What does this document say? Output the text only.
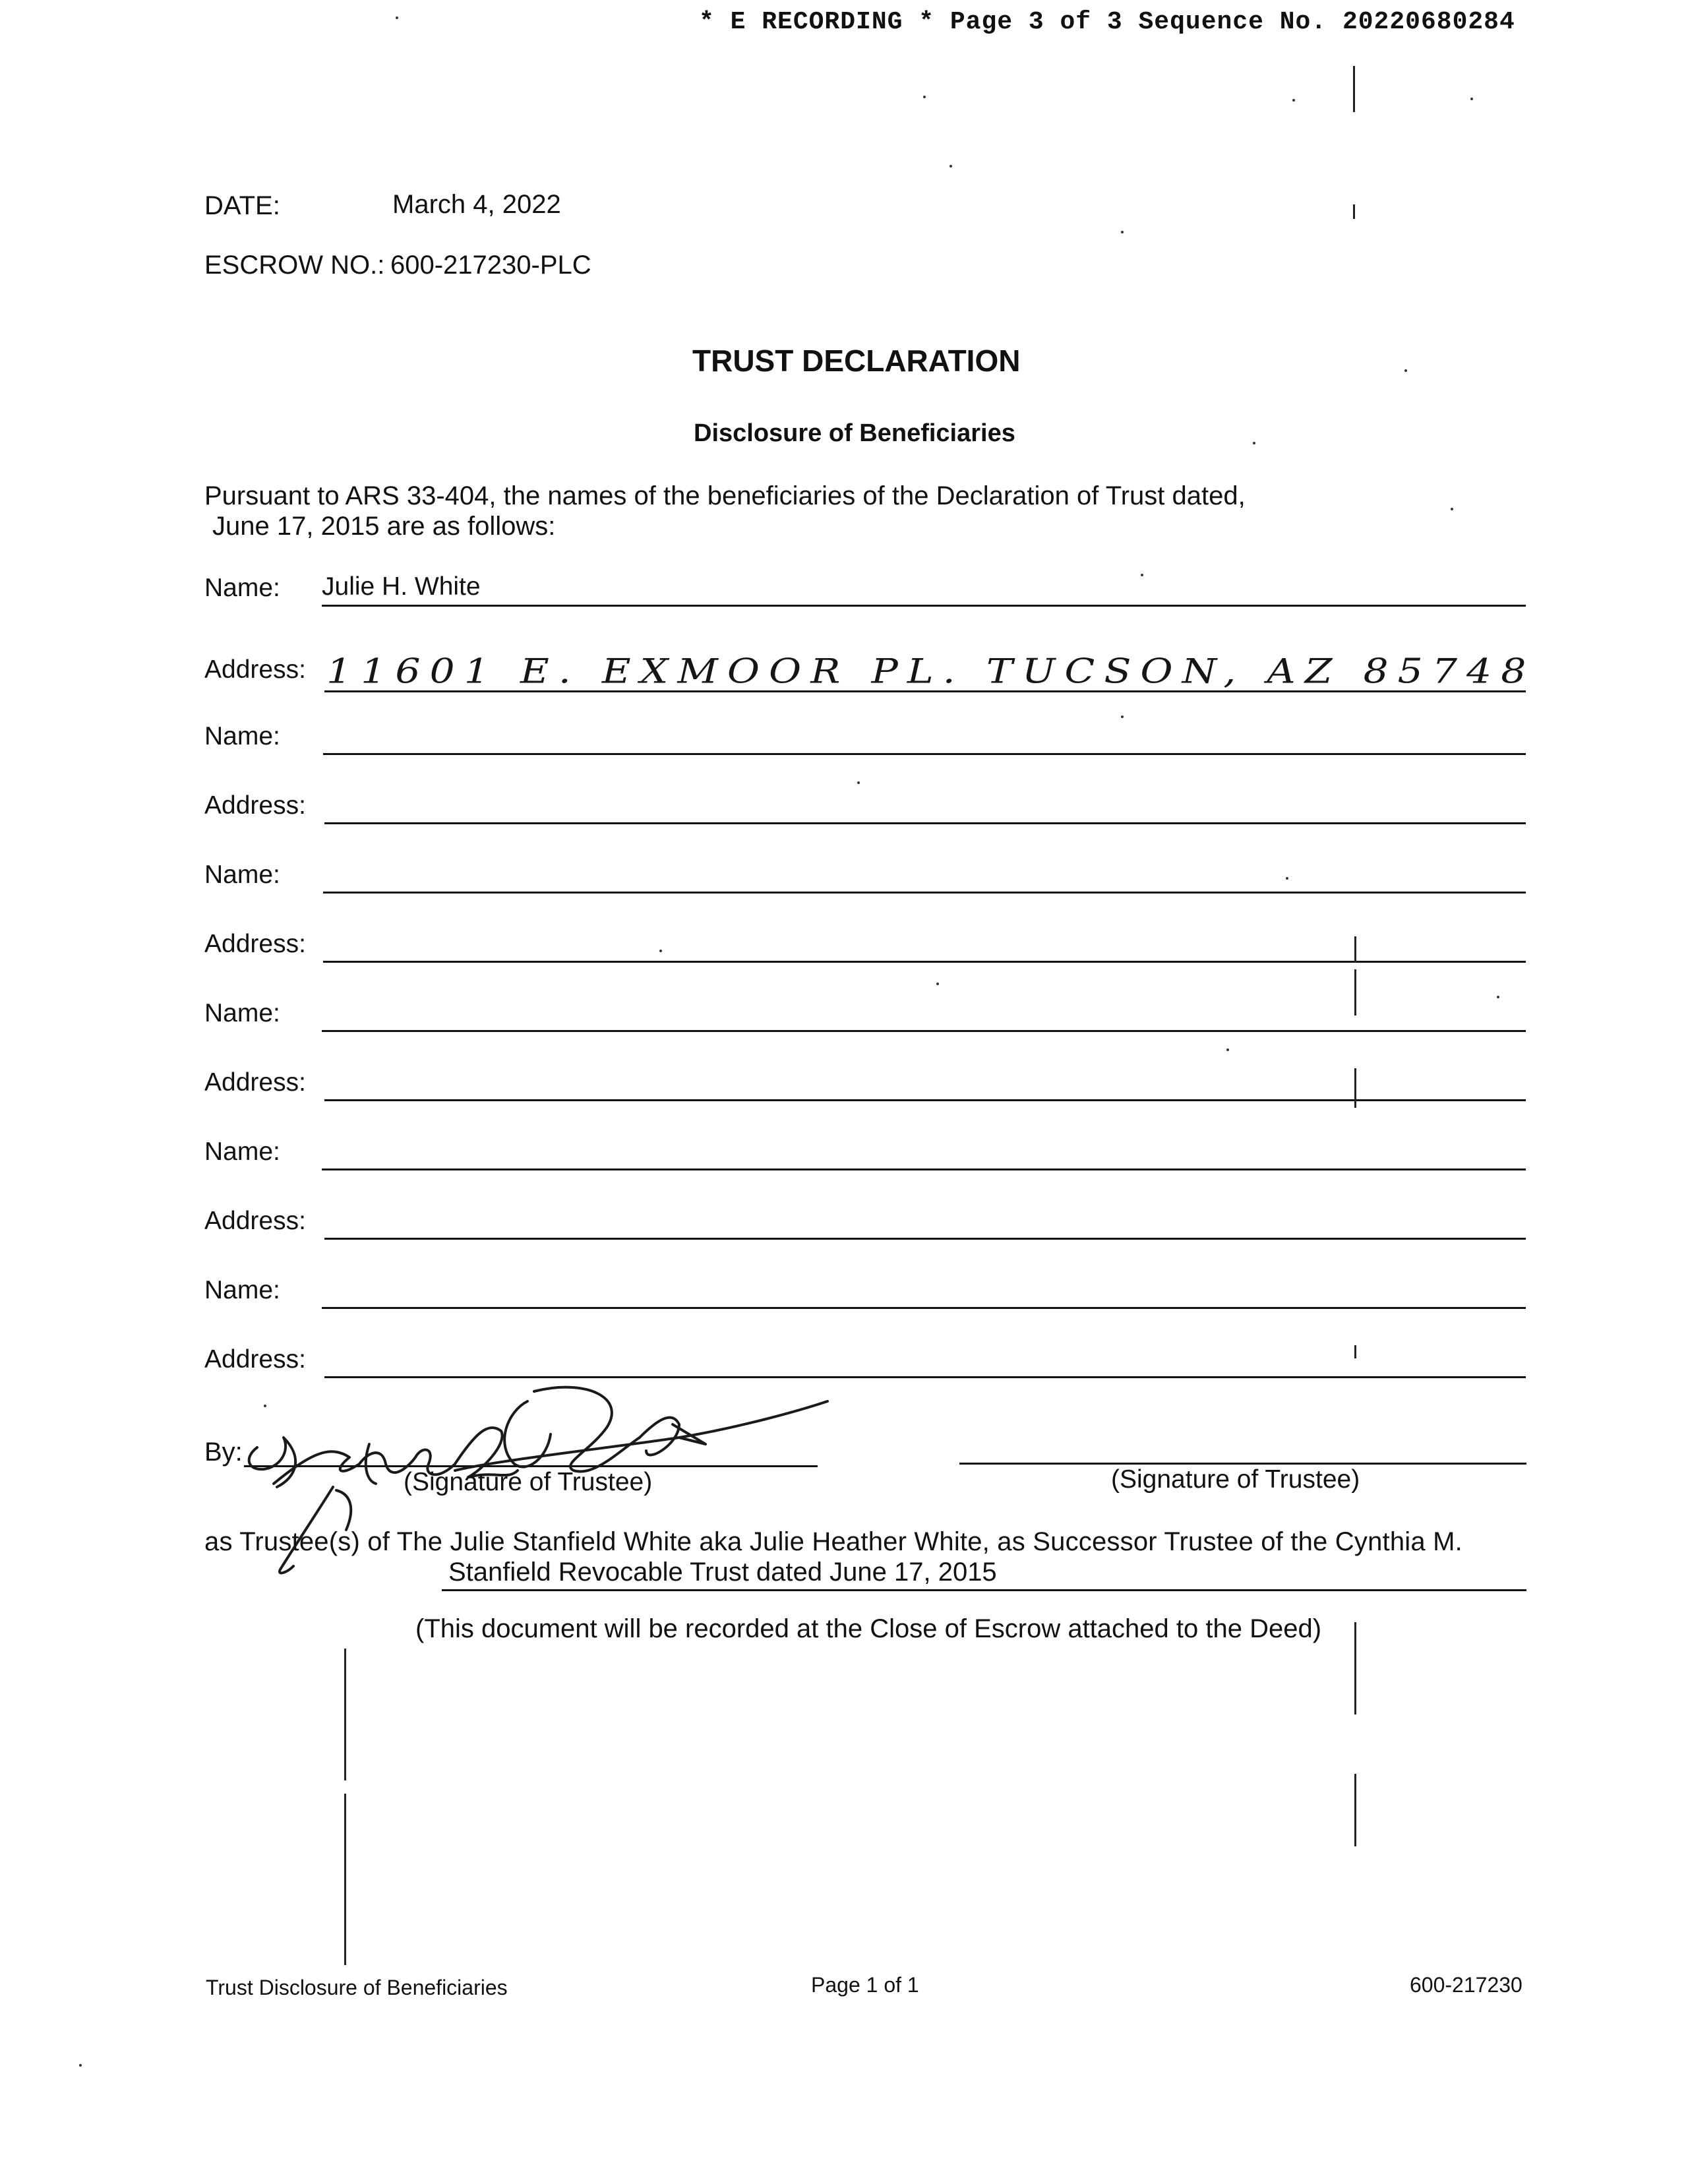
* E RECORDING * Page 3 of 3 Sequence No. 20220680284
DATE:	March 4, 2022
ESCROW NO.: 600-217230-PLC
TRUST DECLARATION
Disclosure of Beneficiaries
Pursuant to ARS 33-404, the names of the beneficiaries of the Declaration of Trust dated,
June 17, 2015 are as follows:
Name: Julie H. White
Address: 11601 E. EXMOOR PL. TUCSON, AZ 85748
Name:
Address:
Name:
Address:
Name:
Address:
Name:
Address:
Name:
Address:
By:
(Signature of Trustee)	(Signature of Trustee)
as Trustee(s) of The Julie Stanfield White aka Julie Heather White, as Successor Trustee of the Cynthia M.
Stanfield Revocable Trust dated June 17, 2015
(This document will be recorded at the Close of Escrow attached to the Deed)
Trust Disclosure of Beneficiaries	Page 1 of 1	600-217230
